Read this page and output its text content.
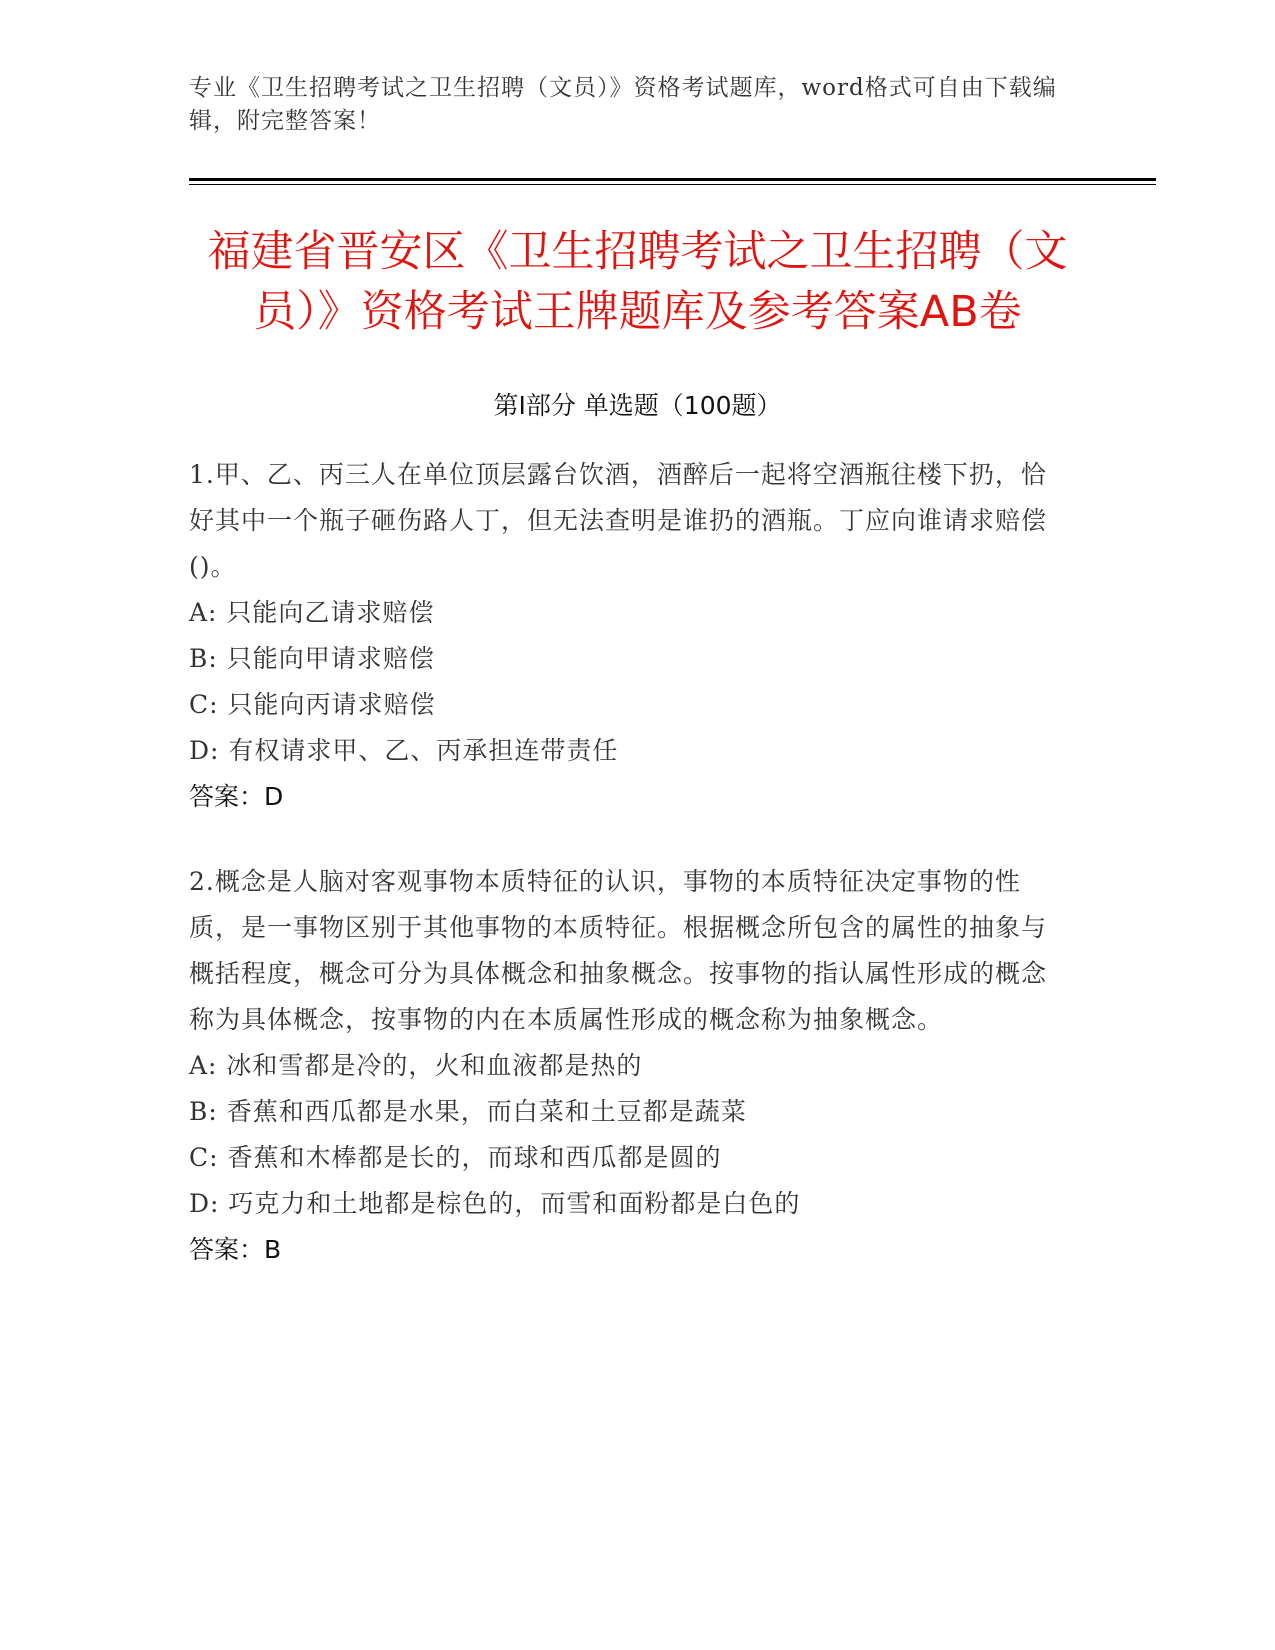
专业《卫生招聘考试之卫生招聘（文员）》资格考试题库，word格式可自由下载编辑，附完整答案！
福建省晋安区《卫生招聘考试之卫生招聘（文员）》资格考试王牌题库及参考答案AB卷
第I部分 单选题（100题）
1.甲、乙、丙三人在单位顶层露台饮酒，酒醉后一起将空酒瓶往楼下扔，恰好其中一个瓶子砸伤路人丁，但无法查明是谁扔的酒瓶。丁应向谁请求赔偿()。
A: 只能向乙请求赔偿
B: 只能向甲请求赔偿
C: 只能向丙请求赔偿
D: 有权请求甲、乙、丙承担连带责任
答案：D
2.概念是人脑对客观事物本质特征的认识，事物的本质特征决定事物的性质，是一事物区别于其他事物的本质特征。根据概念所包含的属性的抽象与概括程度，概念可分为具体概念和抽象概念。按事物的指认属性形成的概念称为具体概念，按事物的内在本质属性形成的概念称为抽象概念。
A: 冰和雪都是冷的，火和血液都是热的
B: 香蕉和西瓜都是水果，而白菜和土豆都是蔬菜
C: 香蕉和木棒都是长的，而球和西瓜都是圆的
D: 巧克力和土地都是棕色的，而雪和面粉都是白色的
答案：B
